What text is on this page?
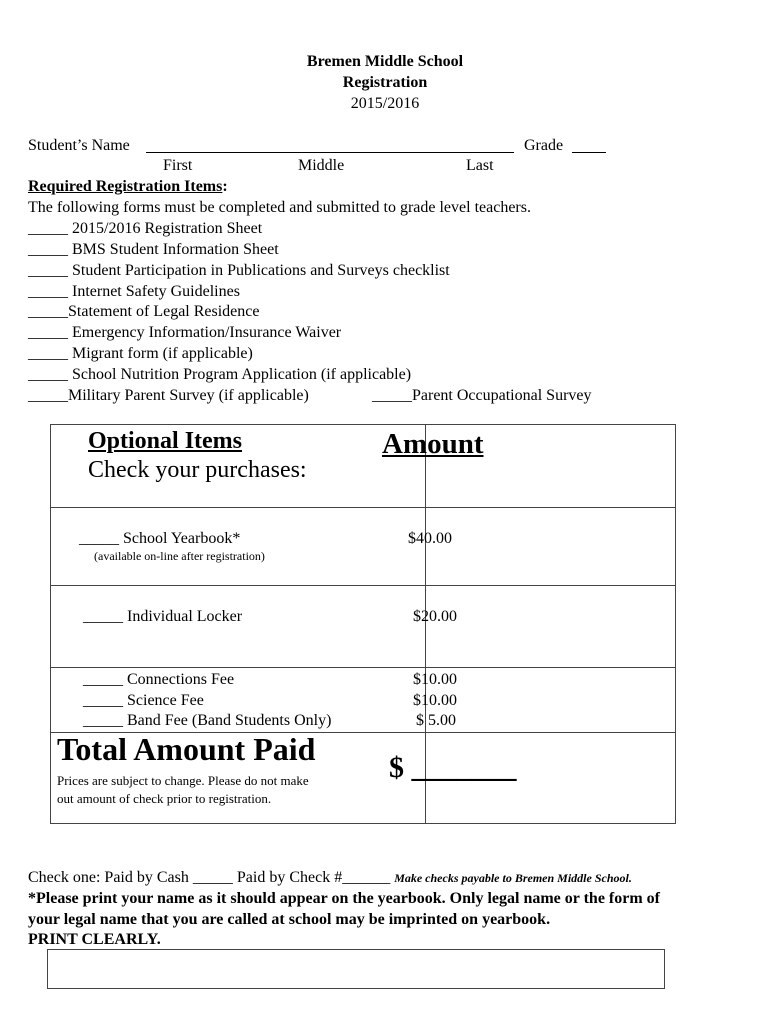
Bremen Middle School
Registration
2015/2016
Student’s Name	Grade
First	Middle	Last
Required Registration Items:
The following forms must be completed and submitted to grade level teachers.
_____ 2015/2016 Registration Sheet
_____ BMS Student Information Sheet
_____ Student Participation in Publications and Surveys checklist
_____ Internet Safety Guidelines
_____Statement of Legal Residence
_____ Emergency Information/Insurance Waiver
_____ Migrant form (if applicable)
_____ School Nutrition Program Application (if applicable)
_____Military Parent Survey (if applicable)	_____Parent Occupational Survey
Optional Items
Check your purchases:
Amount
_____ School Yearbook*
(available on-line after registration)
$40.00
_____ Individual Locker	$20.00
_____ Connections Fee	$10.00
_____ Science Fee	$10.00
_____ Band Fee (Band Students Only)	$ 5.00
Total Amount Paid
Prices are subject to change. Please do not make
out amount of check prior to registration.
$ _______
Check one: Paid by Cash _____ Paid by Check #______ Make checks payable to Bremen Middle School.
*Please print your name as it should appear on the yearbook. Only legal name or the form of
your legal name that you are called at school may be imprinted on yearbook.
PRINT CLEARLY.
